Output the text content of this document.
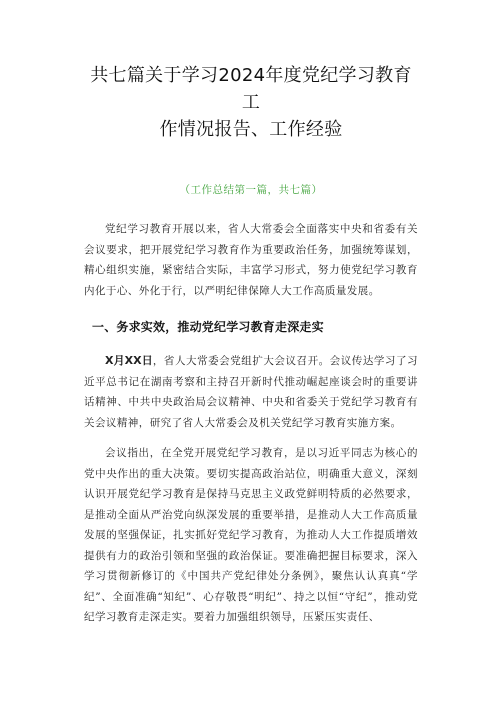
共七篇关于学习2024年度党纪学习教育工
作情况报告、工作经验

（工作总结第一篇，共七篇）

党纪学习教育开展以来，省人大常委会全面落实中央和省委有关会议要求，把开展党纪学习教育作为重要政治任务，加强统筹谋划，精心组织实施，紧密结合实际，丰富学习形式，努力使党纪学习教育内化于心、外化于行，以严明纪律保障人大工作高质量发展。

一、务求实效，推动党纪学习教育走深走实

X月XX日，省人大常委会党组扩大会议召开。会议传达学习了习近平总书记在湖南考察和主持召开新时代推动崛起座谈会时的重要讲话精神、中共中央政治局会议精神、中央和省委关于党纪学习教育有关会议精神，研究了省人大常委会及机关党纪学习教育实施方案。

会议指出，在全党开展党纪学习教育，是以习近平同志为核心的党中央作出的重大决策。要切实提高政治站位，明确重大意义，深刻认识开展党纪学习教育是保持马克思主义政党鲜明特质的必然要求，是推动全面从严治党向纵深发展的重要举措，是推动人大工作高质量发展的坚强保证，扎实抓好党纪学习教育，为推动人大工作提质增效提供有力的政治引领和坚强的政治保证。要准确把握目标要求，深入学习贯彻新修订的《中国共产党纪律处分条例》，聚焦认认真真“学纪”、全面准确“知纪”、心存敬畏“明纪”、持之以恒“守纪”，推动党纪学习教育走深走实。要着力加强组织领导，压紧压实责任、
